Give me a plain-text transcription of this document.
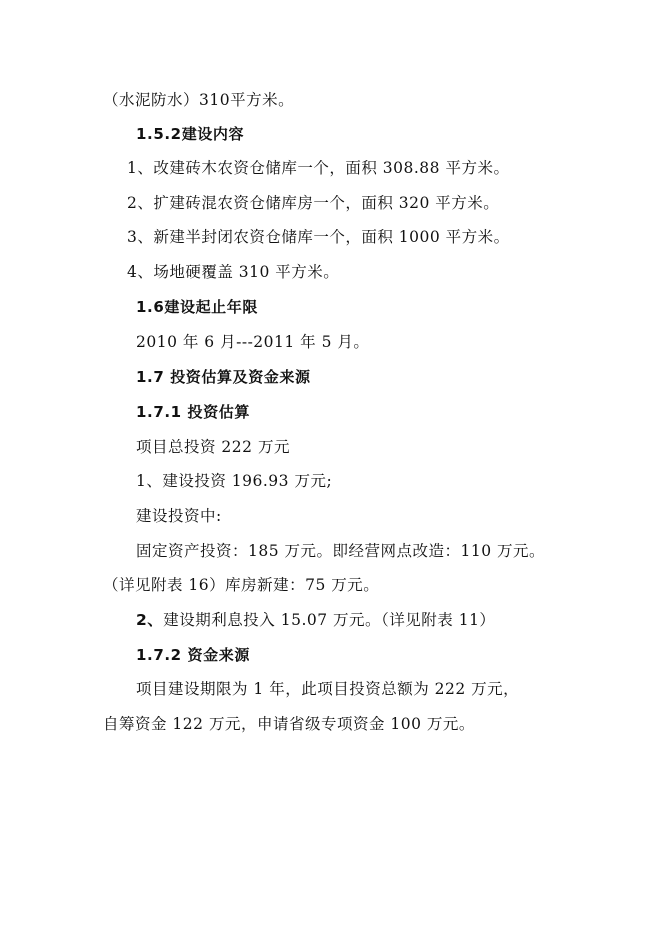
（水泥防水）310平方米。
1.5.2建设内容
1、改建砖木农资仓储库一个，面积 308.88 平方米。
2、扩建砖混农资仓储库房一个，面积 320 平方米。
3、新建半封闭农资仓储库一个，面积 1000 平方米。
4、场地硬覆盖 310 平方米。
1.6建设起止年限
2010 年 6 月---2011 年 5 月。
1.7 投资估算及资金来源
1.7.1 投资估算
项目总投资 222 万元
1、建设投资 196.93 万元;
建设投资中:
固定资产投资：185 万元。即经营网点改造：110 万元。
（详见附表 16）库房新建：75 万元。
2、建设期利息投入 15.07 万元。（详见附表 11）
1.7.2 资金来源
项目建设期限为 1 年，此项目投资总额为 222 万元，
自筹资金 122 万元，申请省级专项资金 100 万元。
